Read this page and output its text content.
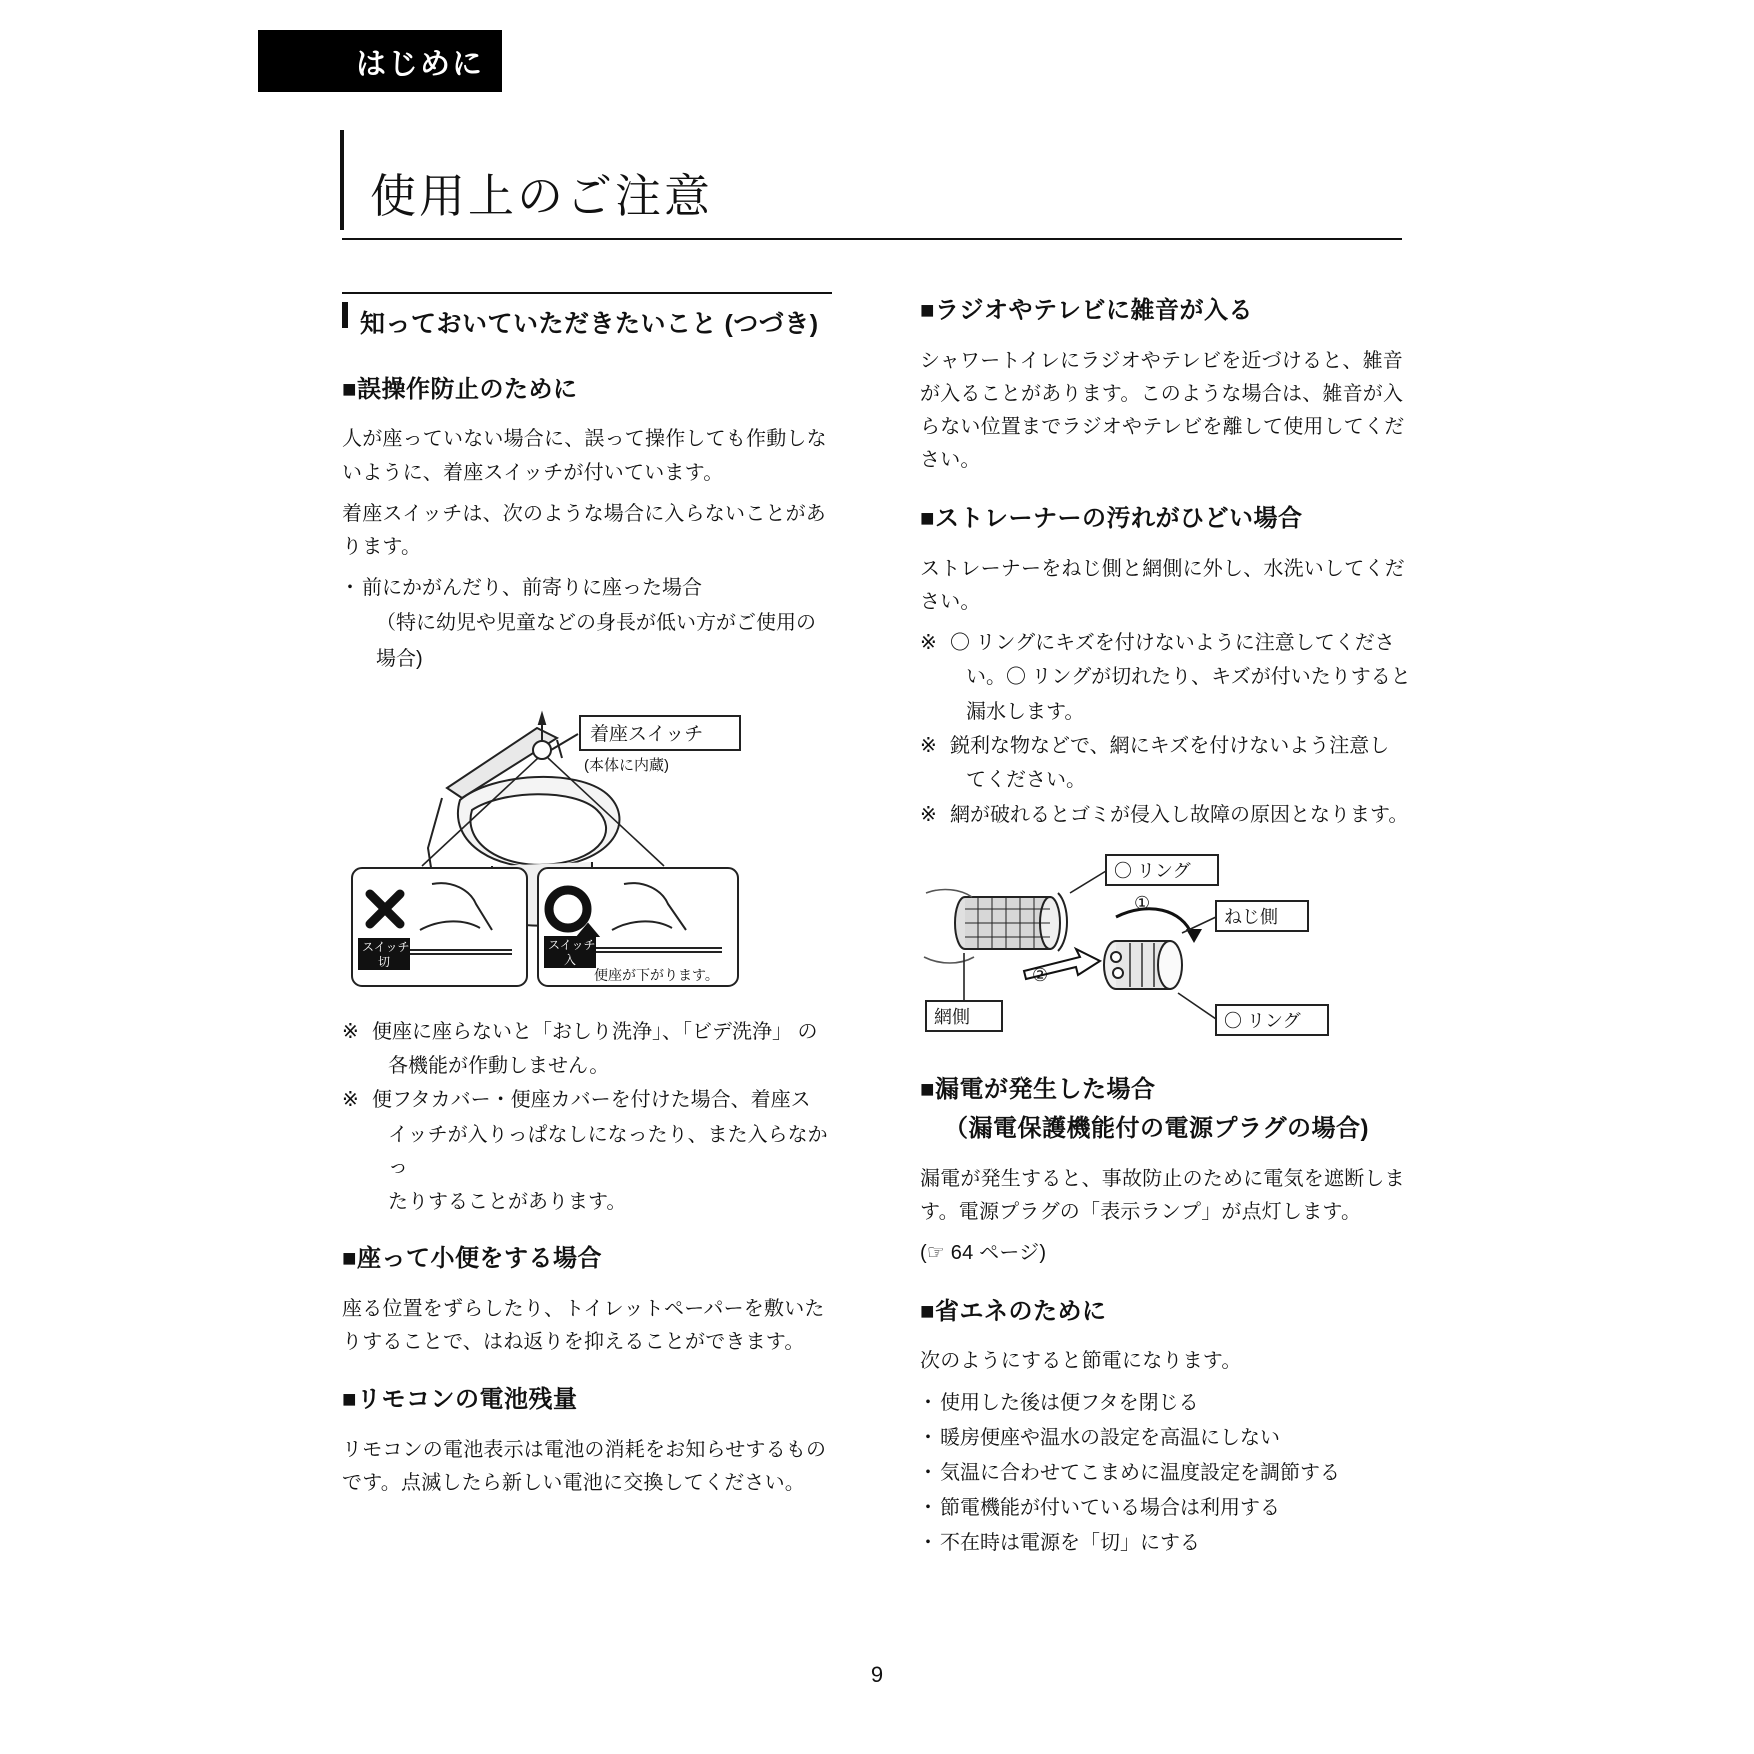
はじめに
使用上のご注意
知っておいていただきたいこと (つづき)
■誤操作防止のために

人が座っていない場合に、誤って操作しても作動しないように、着座スイッチが付いています。

着座スイッチは、次のような場合に入らないことがあります。

・ 前にかがんだり、前寄りに座った場合
（特に幼児や児童などの身長が低い方がご使用の
場合)
着座スイッチ
(本体に内蔵)
スイッチ
切
スイッチ
入
便座が下がります。
※ 便座に座らないと「おしり洗浄」、「ビデ洗浄」 の
各機能が作動しません。
※ 便フタカバー・便座カバーを付けた場合、着座ス
イッチが入りっぱなしになったり、また入らなかっ
たりすることがあります。
■座って小便をする場合

座る位置をずらしたり、トイレットペーパーを敷いたりすることで、はね返りを抑えることができます。

■リモコンの電池残量

リモコンの電池表示は電池の消耗をお知らせするものです。点滅したら新しい電池に交換してください。

■ラジオやテレビに雑音が入る

シャワートイレにラジオやテレビを近づけると、雑音が入ることがあります。このような場合は、雑音が入らない位置までラジオやテレビを離して使用してください。

■ストレーナーの汚れがひどい場合

ストレーナーをねじ側と網側に外し、水洗いしてください。

※ 〇 リングにキズを付けないように注意してくださ
い。〇 リングが切れたり、キズが付いたりすると
漏水します。
※ 鋭利な物などで、網にキズを付けないよう注意し
てください。
※ 網が破れるとゴミが侵入し故障の原因となります。
〇 リング
②
①
ねじ側
〇 リング
網側
■漏電が発生した場合
（漏電保護機能付の電源プラグの場合)

漏電が発生すると、事故防止のために電気を遮断します。電源プラグの「表示ランプ」が点灯します。

(☞ 64 ページ)

■省エネのために

次のようにすると節電になります。

・ 使用した後は便フタを閉じる
・ 暖房便座や温水の設定を高温にしない
・ 気温に合わせてこまめに温度設定を調節する
・ 節電機能が付いている場合は利用する
・ 不在時は電源を「切」にする
9
